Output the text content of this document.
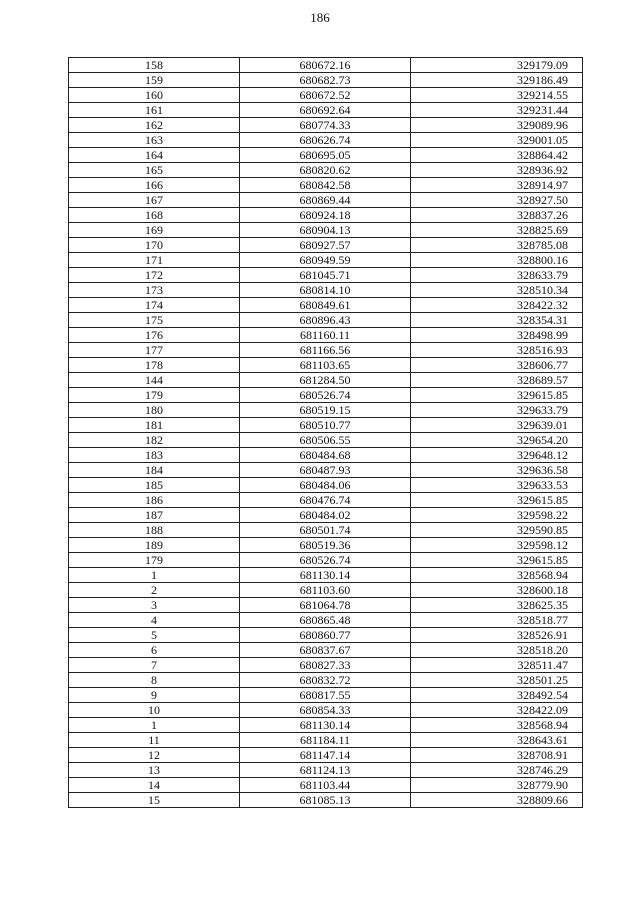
186
158	680672.16	329179.09
159	680682.73	329186.49
160	680672.52	329214.55
161	680692.64	329231.44
162	680774.33	329089.96
163	680626.74	329001.05
164	680695.05	328864.42
165	680820.62	328936.92
166	680842.58	328914.97
167	680869.44	328927.50
168	680924.18	328837.26
169	680904.13	328825.69
170	680927.57	328785.08
171	680949.59	328800.16
172	681045.71	328633.79
173	680814.10	328510.34
174	680849.61	328422.32
175	680896.43	328354.31
176	681160.11	328498.99
177	681166.56	328516.93
178	681103.65	328606.77
144	681284.50	328689.57
179	680526.74	329615.85
180	680519.15	329633.79
181	680510.77	329639.01
182	680506.55	329654.20
183	680484.68	329648.12
184	680487.93	329636.58
185	680484.06	329633.53
186	680476.74	329615.85
187	680484.02	329598.22
188	680501.74	329590.85
189	680519.36	329598.12
179	680526.74	329615.85
1	681130.14	328568.94
2	681103.60	328600.18
3	681064.78	328625.35
4	680865.48	328518.77
5	680860.77	328526.91
6	680837.67	328518.20
7	680827.33	328511.47
8	680832.72	328501.25
9	680817.55	328492.54
10	680854.33	328422.09
1	681130.14	328568.94
11	681184.11	328643.61
12	681147.14	328708.91
13	681124.13	328746.29
14	681103.44	328779.90
15	681085.13	328809.66
